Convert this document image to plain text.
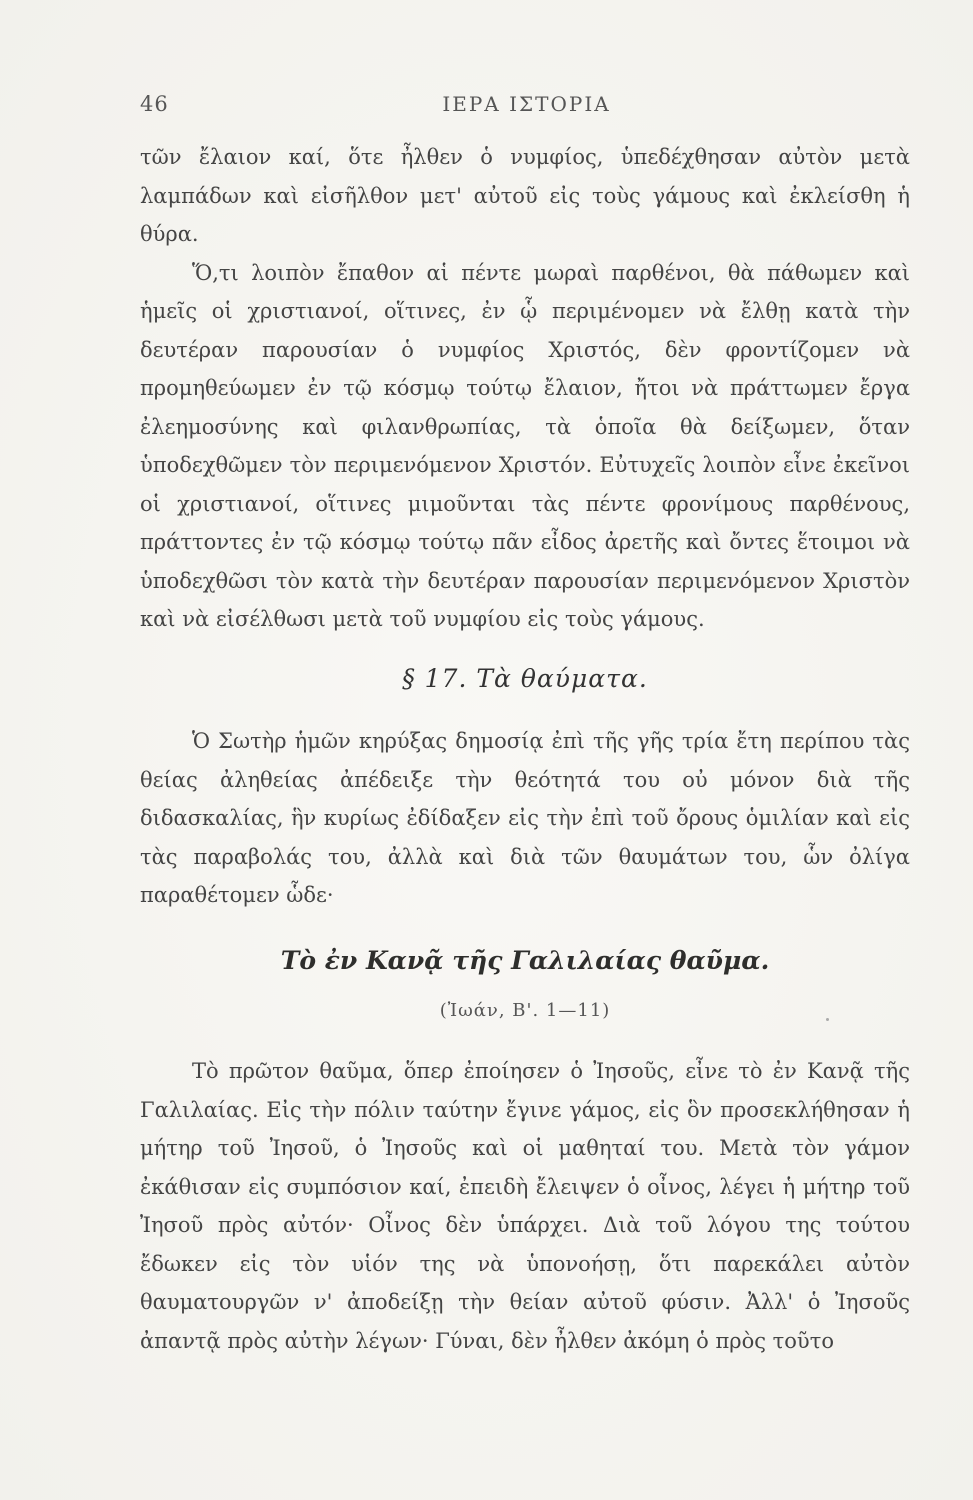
46	ΙΕΡΑ ΙΣΤΟΡΙΑ

τῶν ἔλαιον καί, ὅτε ἦλθεν ὁ νυμφίος, ὑπεδέχθησαν αὐτὸν μετὰ λαμπάδων καὶ εἰσῆλθον μετ' αὐτοῦ εἰς τοὺς γάμους καὶ ἐκλείσθη ἡ θύρα.

Ὅ,τι λοιπὸν ἔπαθον αἱ πέντε μωραὶ παρθένοι, θὰ πάθωμεν καὶ ἡμεῖς οἱ χριστιανοί, οἵτινες, ἐν ᾧ περιμένομεν νὰ ἔλθῃ κατὰ τὴν δευτέραν παρουσίαν ὁ νυμφίος Χριστός, δὲν φροντίζομεν νὰ προμηθεύωμεν ἐν τῷ κόσμῳ τούτῳ ἔλαιον, ἤτοι νὰ πράττωμεν ἔργα ἐλεημοσύνης καὶ φιλανθρωπίας, τὰ ὁποῖα θὰ δείξωμεν, ὅταν ὑποδεχθῶμεν τὸν περιμενόμενον Χριστόν. Εὐτυχεῖς λοιπὸν εἶνε ἐκεῖνοι οἱ χριστιανοί, οἵτινες μιμοῦνται τὰς πέντε φρονίμους παρθένους, πράττοντες ἐν τῷ κόσμῳ τούτῳ πᾶν εἶδος ἀρετῆς καὶ ὄντες ἕτοιμοι νὰ ὑποδεχθῶσι τὸν κατὰ τὴν δευτέραν παρουσίαν περιμενόμενον Χριστὸν καὶ νὰ εἰσέλθωσι μετὰ τοῦ νυμφίου εἰς τοὺς γάμους.

§ 17. Τὰ θαύματα.

Ὁ Σωτὴρ ἡμῶν κηρύξας δημοσίᾳ ἐπὶ τῆς γῆς τρία ἔτη περίπου τὰς θείας ἀληθείας ἀπέδειξε τὴν θεότητά του οὐ μόνον διὰ τῆς διδασκαλίας, ἣν κυρίως ἐδίδαξεν εἰς τὴν ἐπὶ τοῦ ὄρους ὁμιλίαν καὶ εἰς τὰς παραβολάς του, ἀλλὰ καὶ διὰ τῶν θαυμάτων του, ὧν ὀλίγα παραθέτομεν ὧδε·

Τὸ ἐν Κανᾷ τῆς Γαλιλαίας θαῦμα.
(Ἰωάν, Β'. 1—11)

Τὸ πρῶτον θαῦμα, ὅπερ ἐποίησεν ὁ Ἰησοῦς, εἶνε τὸ ἐν Κανᾷ τῆς Γαλιλαίας. Εἰς τὴν πόλιν ταύτην ἔγινε γάμος, εἰς ὃν προσεκλήθησαν ἡ μήτηρ τοῦ Ἰησοῦ, ὁ Ἰησοῦς καὶ οἱ μαθηταί του. Μετὰ τὸν γάμον ἐκάθισαν εἰς συμπόσιον καί, ἐπειδὴ ἔλειψεν ὁ οἶνος, λέγει ἡ μήτηρ τοῦ Ἰησοῦ πρὸς αὐτόν· Οἶνος δὲν ὑπάρχει. Διὰ τοῦ λόγου της τούτου ἔδωκεν εἰς τὸν υἱόν της νὰ ὑπονοήσῃ, ὅτι παρεκάλει αὐτὸν θαυματουργῶν ν' ἀποδείξῃ τὴν θείαν αὐτοῦ φύσιν. Ἀλλ' ὁ Ἰησοῦς ἀπαντᾷ πρὸς αὐτὴν λέγων· Γύναι, δὲν ἦλθεν ἀκόμη ὁ πρὸς τοῦτο
